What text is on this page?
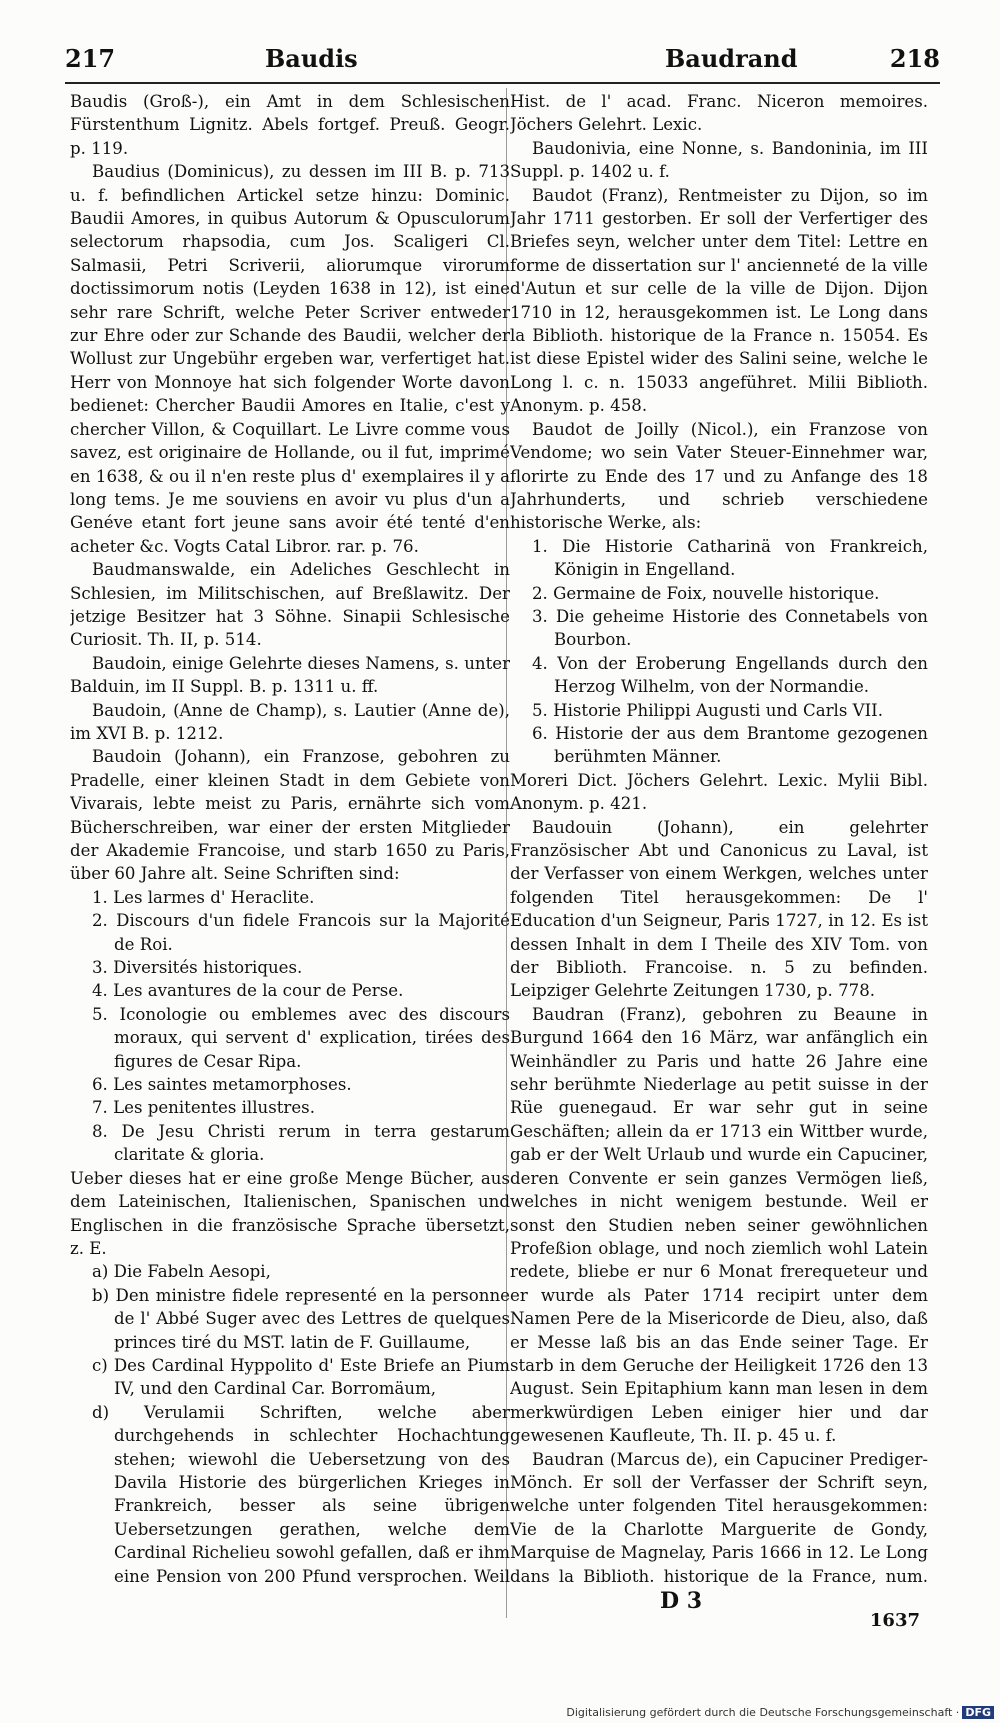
217	Baudis	Baudrand	218

Baudis (Groß-), ein Amt in dem Schlesischen Fürstenthum Lignitz. Abels fortgef. Preuß. Geogr. p. 119.

Baudius (Dominicus), zu dessen im III B. p. 713 u. f. befindlichen Artickel setze hinzu: Dominic. Baudii Amores, in quibus Autorum & Opusculorum selectorum rhapsodia, cum Jos. Scaligeri Cl. Salmasii, Petri Scriverii, aliorumque virorum doctissimorum notis (Leyden 1638 in 12), ist eine sehr rare Schrift, welche Peter Scriver entweder zur Ehre oder zur Schande des Baudii, welcher der Wollust zur Ungebühr ergeben war, verfertiget hat. Herr von Monnoye hat sich folgender Worte davon bedienet: Chercher Baudii Amores en Italie, c'est y chercher Villon, & Coquillart. Le Livre comme vous savez, est originaire de Hollande, ou il fut, imprimé en 1638, & ou il n'en reste plus d' exemplaires il y a long tems. Je me souviens en avoir vu plus d'un a Genéve etant fort jeune sans avoir été tenté d'en acheter &c. Vogts Catal Libror. rar. p. 76.

Baudmanswalde, ein Adeliches Geschlecht in Schlesien, im Militschischen, auf Breßlawitz. Der jetzige Besitzer hat 3 Söhne. Sinapii Schlesische Curiosit. Th. II, p. 514.

Baudoin, einige Gelehrte dieses Namens, s. unter Balduin, im II Suppl. B. p. 1311 u. ff.

Baudoin, (Anne de Champ), s. Lautier (Anne de), im XVI B. p. 1212.

Baudoin (Johann), ein Franzose, gebohren zu Pradelle, einer kleinen Stadt in dem Gebiete von Vivarais, lebte meist zu Paris, ernährte sich vom Bücherschreiben, war einer der ersten Mitglieder der Akademie Francoise, und starb 1650 zu Paris, über 60 Jahre alt. Seine Schriften sind:

1. Les larmes d' Heraclite.
2. Discours d'un fidele Francois sur la Majorité de Roi.
3. Diversités historiques.
4. Les avantures de la cour de Perse.
5. Iconologie ou emblemes avec des discours moraux, qui servent d' explication, tirées des figures de Cesar Ripa.
6. Les saintes metamorphoses.
7. Les penitentes illustres.
8. De Jesu Christi rerum in terra gestarum claritate & gloria.

Ueber dieses hat er eine große Menge Bücher, aus dem Lateinischen, Italienischen, Spanischen und Englischen in die französische Sprache übersetzt, z. E.

a) Die Fabeln Aesopi,
b) Den ministre fidele representé en la personne de l' Abbé Suger avec des Lettres de quelques princes tiré du MST. latin de F. Guillaume,
c) Des Cardinal Hyppolito d' Este Briefe an Pium IV, und den Cardinal Car. Borromäum,
d) Verulamii Schriften, welche aber durchgehends in schlechter Hochachtung stehen; wiewohl die Uebersetzung von des Davila Historie des bürgerlichen Krieges in Frankreich, besser als seine übrigen Uebersetzungen gerathen, welche dem Cardinal Richelieu sowohl gefallen, daß er ihm eine Pension von 200 Pfund versprochen. Weil

Hist. de l' acad. Franc. Niceron memoires. Jöchers Gelehrt. Lexic.

Baudonivia, eine Nonne, s. Bandoninia, im III Suppl. p. 1402 u. f.

Baudot (Franz), Rentmeister zu Dijon, so im Jahr 1711 gestorben. Er soll der Verfertiger des Briefes seyn, welcher unter dem Titel: Lettre en forme de dissertation sur l' ancienneté de la ville d'Autun et sur celle de la ville de Dijon. Dijon 1710 in 12, herausgekommen ist. Le Long dans la Biblioth. historique de la France n. 15054. Es ist diese Epistel wider des Salini seine, welche le Long l. c. n. 15033 angeführet. Milii Biblioth. Anonym. p. 458.

Baudot de Joilly (Nicol.), ein Franzose von Vendome; wo sein Vater Steuer-Einnehmer war, florirte zu Ende des 17 und zu Anfange des 18 Jahrhunderts, und schrieb verschiedene historische Werke, als:

1. Die Historie Catharinä von Frankreich, Königin in Engelland.
2. Germaine de Foix, nouvelle historique.
3. Die geheime Historie des Connetabels von Bourbon.
4. Von der Eroberung Engellands durch den Herzog Wilhelm, von der Normandie.
5. Historie Philippi Augusti und Carls VII.
6. Historie der aus dem Brantome gezogenen berühmten Männer.

Moreri Dict. Jöchers Gelehrt. Lexic. Mylii Bibl. Anonym. p. 421.

Baudouin (Johann), ein gelehrter Französischer Abt und Canonicus zu Laval, ist der Verfasser von einem Werkgen, welches unter folgenden Titel herausgekommen: De l' Education d'un Seigneur, Paris 1727, in 12. Es ist dessen Inhalt in dem I Theile des XIV Tom. von der Biblioth. Francoise. n. 5 zu befinden. Leipziger Gelehrte Zeitungen 1730, p. 778.

Baudran (Franz), gebohren zu Beaune in Burgund 1664 den 16 März, war anfänglich ein Weinhändler zu Paris und hatte 26 Jahre eine sehr berühmte Niederlage au petit suisse in der Rüe guenegaud. Er war sehr gut in seine Geschäften; allein da er 1713 ein Wittber wurde, gab er der Welt Urlaub und wurde ein Capuciner, deren Convente er sein ganzes Vermögen ließ, welches in nicht wenigem bestunde. Weil er sonst den Studien neben seiner gewöhnlichen Profeßion oblage, und noch ziemlich wohl Latein redete, bliebe er nur 6 Monat frerequeteur und er wurde als Pater 1714 recipirt unter dem Namen Pere de la Misericorde de Dieu, also, daß er Messe laß bis an das Ende seiner Tage. Er starb in dem Geruche der Heiligkeit 1726 den 13 August. Sein Epitaphium kann man lesen in dem merkwürdigen Leben einiger hier und dar gewesenen Kaufleute, Th. II. p. 45 u. f.

Baudran (Marcus de), ein Capuciner Prediger-Mönch. Er soll der Verfasser der Schrift seyn, welche unter folgenden Titel herausgekommen: Vie de la Charlotte Marguerite de Gondy, Marquise de Magnelay, Paris 1666 in 12. Le Long dans la Biblioth. historique de la France, num.

D 3
1637
Digitalisierung gefördert durch die Deutsche Forschungsgemeinschaft · DFG
